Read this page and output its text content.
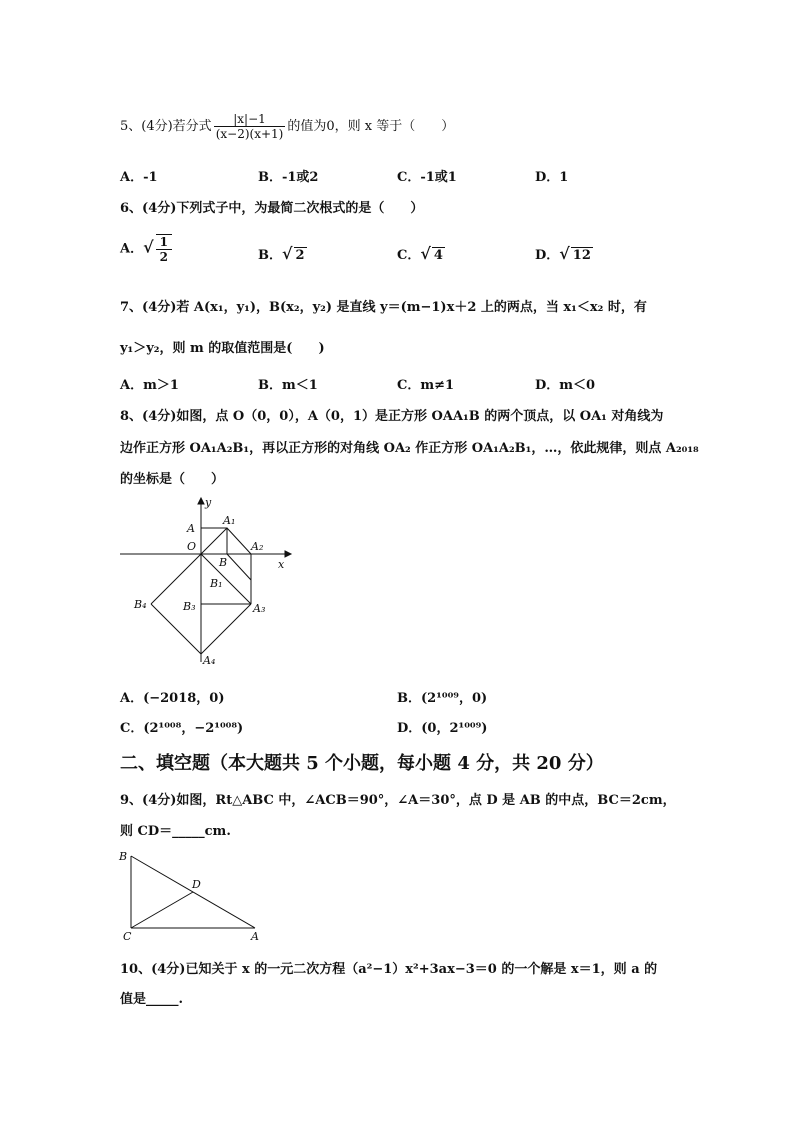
5、(4分)若分式 $\frac{|x|-1}{(x-2)(x+1)}$ 的值为0，则 x 等于（　　）
A．-1	B．-1或2	C．-1或1	D．1
6、(4分)下列式子中，为最简二次根式的是（　　）
A．√ $\frac{1}{2}$	B．√ 2	C．√ 4	D．√ 12
7、(4分)若 A(x₁，y₁)，B(x₂，y₂) 是直线 y＝(m−1)x＋2 上的两点，当 x₁＜x₂ 时，有
y₁＞y₂，则 m 的取值范围是(　　)
A．m＞1	B．m＜1	C．m≠1	D．m＜0
8、(4分)如图，点 O（0，0），A（0，1）是正方形 OAA₁B 的两个顶点，以 OA₁ 对角线为
边作正方形 OA₁A₂B₁，再以正方形的对角线 OA₂ 作正方形 OA₁A₂B₁，…，依此规律，则点 A₂₀₁₈
的坐标是（　　）
y
x
O
A
A₁
A₂
B
B₁
B₃	A₃
B₄
A₄
A．(−2018，0)	B．(2¹⁰⁰⁹，0)
C．(2¹⁰⁰⁸，−2¹⁰⁰⁸)	D．(0，2¹⁰⁰⁹)
二、填空题（本大题共 5 个小题，每小题 4 分，共 20 分）
9、(4分)如图，Rt△ABC 中，∠ACB＝90°，∠A＝30°，点 D 是 AB 的中点，BC＝2cm，
则 CD＝_____cm.
B
C	A
D
10、(4分)已知关于 x 的一元二次方程（a²−1）x²+3ax−3＝0 的一个解是 x＝1，则 a 的
值是_____.
